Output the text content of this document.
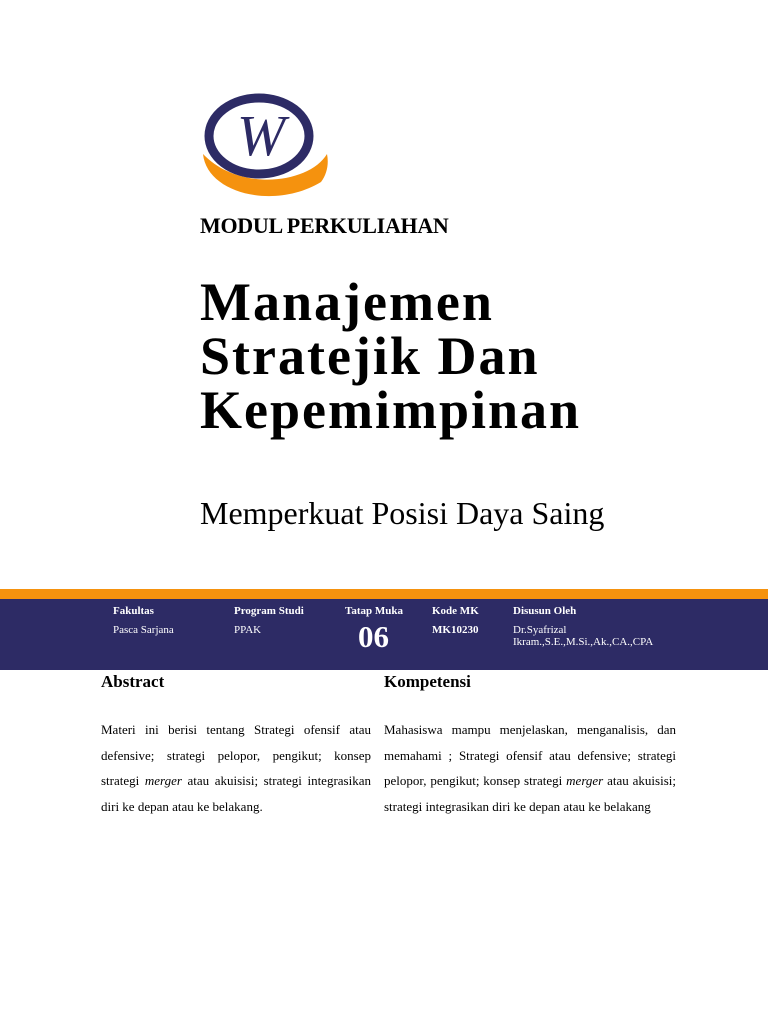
W
MODUL PERKULIAHAN
Manajemen
Stratejik Dan
Kepemimpinan
Memperkuat Posisi Daya Saing
Fakultas
Pasca Sarjana
Program Studi
PPAK
Tatap Muka
06
Kode MK
MK10230
Disusun Oleh
Dr.Syafrizal
Ikram.,S.E.,M.Si.,Ak.,CA.,CPA
Abstract
Materi ini berisi tentang Strategi ofensif atau defensive; strategi pelopor, pengikut; konsep strategi merger atau akuisisi; strategi integrasikan diri ke depan atau ke belakang.
Kompetensi
Mahasiswa mampu menjelaskan, menganalisis, dan memahami ; Strategi ofensif atau defensive; strategi pelopor, pengikut; konsep strategi merger atau akuisisi; strategi integrasikan diri ke depan atau ke belakang
